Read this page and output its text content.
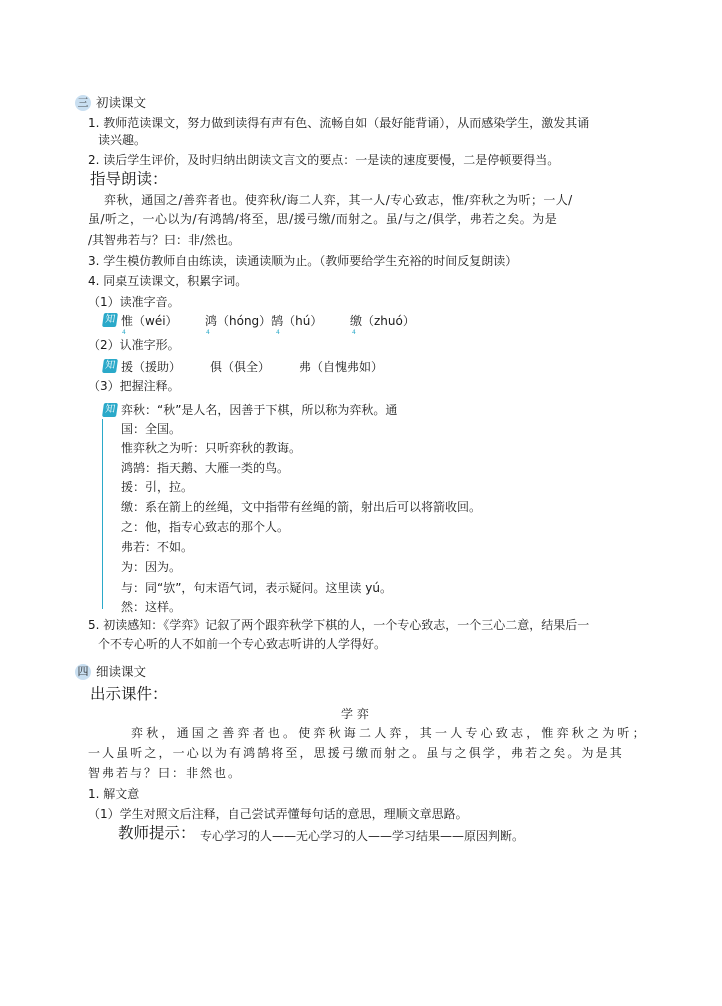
三 初读课文
1. 教师范读课文，努力做到读得有声有色、流畅自如（最好能背诵），从而感染学生，激发其诵
读兴趣。
2. 读后学生评价，及时归纳出朗读文言文的要点：一是读的速度要慢，二是停顿要得当。
指导朗读：
弈秋，通国之/善弈者也。使弈秋/诲二人弈，其一人/专心致志，惟/弈秋之为听；一人/
虽/听之，一心以为/有鸿鹄/将至，思/援弓缴/而射之。虽/与之/俱学，弗若之矣。为是
/其智弗若与？曰：非/然也。
3. 学生模仿教师自由练读，读通读顺为止。（教师要给学生充裕的时间反复朗读）
4. 同桌互读课文，积累字词。
（1）读准字音。
知 惟（wéi） 鸿（hóng）鹄（hú） 缴（zhuó）
4	4	4
4
（2）认准字形。
知 援（援助） 俱（俱全） 弗（自愧弗如）
（3）把握注释。
知 弈秋：“秋”是人名，因善于下棋，所以称为弈秋。通
国：全国。
惟弈秋之为听：只听弈秋的教诲。
鸿鹄：指天鹅、大雁一类的鸟。
援：引，拉。
缴：系在箭上的丝绳，文中指带有丝绳的箭，射出后可以将箭收回。
之：他，指专心致志的那个人。
弗若：不如。
为：因为。
与：同“欤”，句末语气词，表示疑问。这里读 yú。
然：这样。
5. 初读感知：《学弈》记叙了两个跟弈秋学下棋的人，一个专心致志，一个三心二意，结果后一
个不专心听的人不如前一个专心致志听讲的人学得好。
四 细读课文
出示课件：
学 弈
弈秋，通国之善弈者也。使弈秋诲二人弈，其一人专心致志，惟弈秋之为听；
一人虽听之，一心以为有鸿鹄将至，思援弓缴而射之。虽与之俱学，弗若之矣。为是其
智弗若与？曰：非然也。
1. 解文意
（1）学生对照文后注释，自己尝试弄懂每句话的意思，理顺文章思路。
教师提示： 专心学习的人——无心学习的人——学习结果——原因判断。
